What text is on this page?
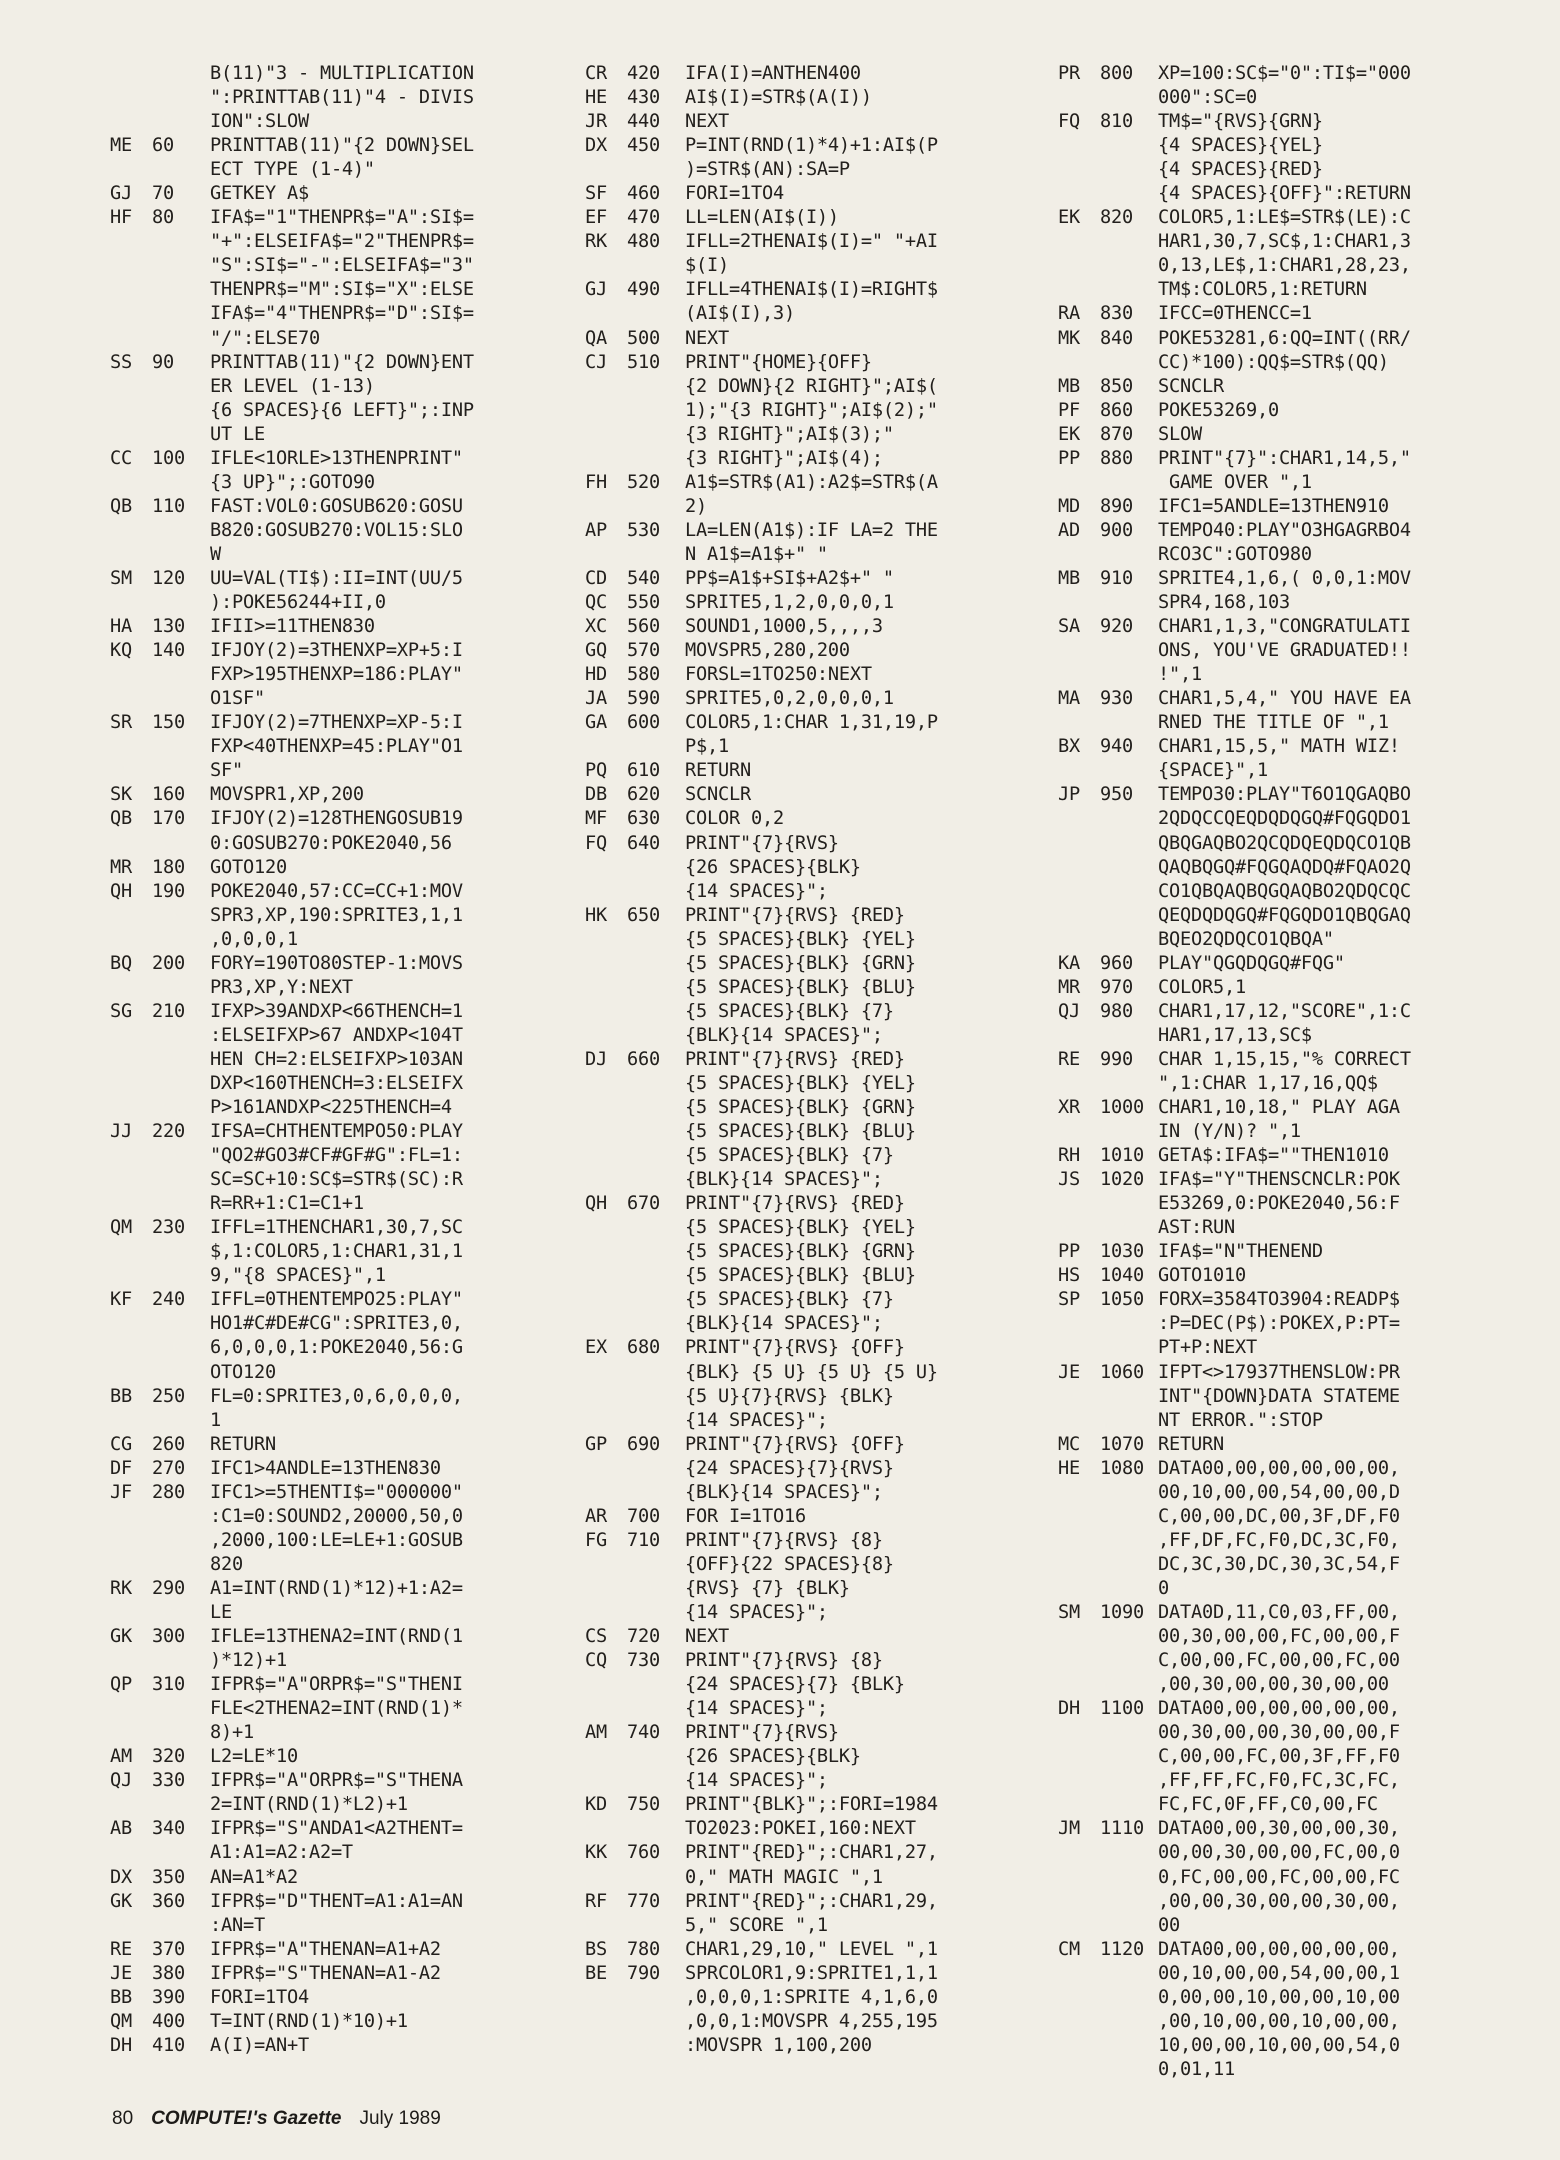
B(11)"3 - MULTIPLICATION
":PRINTTAB(11)"4 - DIVIS
ION":SLOW
ME	60	PRINTTAB(11)"{2 DOWN}SEL
ECT TYPE (1-4)"
GJ	70	GETKEY A$
HF	80	IFA$="1"THENPR$="A":SI$=
"+":ELSEIFA$="2"THENPR$=
"S":SI$="-":ELSEIFA$="3"
THENPR$="M":SI$="X":ELSE
IFA$="4"THENPR$="D":SI$=
"/":ELSE70
SS	90	PRINTTAB(11)"{2 DOWN}ENT
ER LEVEL (1-13)
{6 SPACES}{6 LEFT}";:INP
UT LE
CC	100	IFLE<1ORLE>13THENPRINT"
{3 UP}";:GOTO90
QB	110	FAST:VOL0:GOSUB620:GOSU
B820:GOSUB270:VOL15:SLO
W
SM	120	UU=VAL(TI$):II=INT(UU/5
):POKE56244+II,0
HA	130	IFII>=11THEN830
KQ	140	IFJOY(2)=3THENXP=XP+5:I
FXP>195THENXP=186:PLAY"
O1SF"
SR	150	IFJOY(2)=7THENXP=XP-5:I
FXP<40THENXP=45:PLAY"O1
SF"
SK	160	MOVSPR1,XP,200
QB	170	IFJOY(2)=128THENGOSUB19
0:GOSUB270:POKE2040,56
MR	180	GOTO120
QH	190	POKE2040,57:CC=CC+1:MOV
SPR3,XP,190:SPRITE3,1,1
,0,0,0,1
BQ	200	FORY=190TO80STEP-1:MOVS
PR3,XP,Y:NEXT
SG	210	IFXP>39ANDXP<66THENCH=1
:ELSEIFXP>67 ANDXP<104T
HEN CH=2:ELSEIFXP>103AN
DXP<160THENCH=3:ELSEIFX
P>161ANDXP<225THENCH=4
JJ	220	IFSA=CHTHENTEMPO50:PLAY
"QO2#GO3#CF#GF#G":FL=1:
SC=SC+10:SC$=STR$(SC):R
R=RR+1:C1=C1+1
QM	230	IFFL=1THENCHAR1,30,7,SC
$,1:COLOR5,1:CHAR1,31,1
9,"{8 SPACES}",1
KF	240	IFFL=0THENTEMPO25:PLAY"
HO1#C#DE#CG":SPRITE3,0,
6,0,0,0,1:POKE2040,56:G
OTO120
BB	250	FL=0:SPRITE3,0,6,0,0,0,
1
CG	260	RETURN
DF	270	IFC1>4ANDLE=13THEN830
JF	280	IFC1>=5THENTI$="000000"
:C1=0:SOUND2,20000,50,0
,2000,100:LE=LE+1:GOSUB
820
RK	290	A1=INT(RND(1)*12)+1:A2=
LE
GK	300	IFLE=13THENA2=INT(RND(1
)*12)+1
QP	310	IFPR$="A"ORPR$="S"THENI
FLE<2THENA2=INT(RND(1)*
8)+1
AM	320	L2=LE*10
QJ	330	IFPR$="A"ORPR$="S"THENA
2=INT(RND(1)*L2)+1
AB	340	IFPR$="S"ANDA1<A2THENT=
A1:A1=A2:A2=T
DX	350	AN=A1*A2
GK	360	IFPR$="D"THENT=A1:A1=AN
:AN=T
RE	370	IFPR$="A"THENAN=A1+A2
JE	380	IFPR$="S"THENAN=A1-A2
BB	390	FORI=1TO4
QM	400	T=INT(RND(1)*10)+1
DH	410	A(I)=AN+T
CR	420	IFA(I)=ANTHEN400
HE	430	AI$(I)=STR$(A(I))
JR	440	NEXT
DX	450	P=INT(RND(1)*4)+1:AI$(P
)=STR$(AN):SA=P
SF	460	FORI=1TO4
EF	470	LL=LEN(AI$(I))
RK	480	IFLL=2THENAI$(I)=" "+AI
$(I)
GJ	490	IFLL=4THENAI$(I)=RIGHT$
(AI$(I),3)
QA	500	NEXT
CJ	510	PRINT"{HOME}{OFF}
{2 DOWN}{2 RIGHT}";AI$(
1);"{3 RIGHT}";AI$(2);"
{3 RIGHT}";AI$(3);"
{3 RIGHT}";AI$(4);
FH	520	A1$=STR$(A1):A2$=STR$(A
2)
AP	530	LA=LEN(A1$):IF LA=2 THE
N A1$=A1$+" "
CD	540	PP$=A1$+SI$+A2$+" "
QC	550	SPRITE5,1,2,0,0,0,1
XC	560	SOUND1,1000,5,,,,3
GQ	570	MOVSPR5,280,200
HD	580	FORSL=1TO250:NEXT
JA	590	SPRITE5,0,2,0,0,0,1
GA	600	COLOR5,1:CHAR 1,31,19,P
P$,1
PQ	610	RETURN
DB	620	SCNCLR
MF	630	COLOR 0,2
FQ	640	PRINT"{7}{RVS}
{26 SPACES}{BLK}
{14 SPACES}";
HK	650	PRINT"{7}{RVS} {RED}
{5 SPACES}{BLK} {YEL}
{5 SPACES}{BLK} {GRN}
{5 SPACES}{BLK} {BLU}
{5 SPACES}{BLK} {7}
{BLK}{14 SPACES}";
DJ	660	PRINT"{7}{RVS} {RED}
{5 SPACES}{BLK} {YEL}
{5 SPACES}{BLK} {GRN}
{5 SPACES}{BLK} {BLU}
{5 SPACES}{BLK} {7}
{BLK}{14 SPACES}";
QH	670	PRINT"{7}{RVS} {RED}
{5 SPACES}{BLK} {YEL}
{5 SPACES}{BLK} {GRN}
{5 SPACES}{BLK} {BLU}
{5 SPACES}{BLK} {7}
{BLK}{14 SPACES}";
EX	680	PRINT"{7}{RVS} {OFF}
{BLK} {5 U} {5 U} {5 U}
{5 U}{7}{RVS} {BLK}
{14 SPACES}";
GP	690	PRINT"{7}{RVS} {OFF}
{24 SPACES}{7}{RVS}
{BLK}{14 SPACES}";
AR	700	FOR I=1TO16
FG	710	PRINT"{7}{RVS} {8}
{OFF}{22 SPACES}{8}
{RVS} {7} {BLK}
{14 SPACES}";
CS	720	NEXT
CQ	730	PRINT"{7}{RVS} {8}
{24 SPACES}{7} {BLK}
{14 SPACES}";
AM	740	PRINT"{7}{RVS}
{26 SPACES}{BLK}
{14 SPACES}";
KD	750	PRINT"{BLK}";:FORI=1984
TO2023:POKEI,160:NEXT
KK	760	PRINT"{RED}";:CHAR1,27,
0," MATH MAGIC ",1
RF	770	PRINT"{RED}";:CHAR1,29,
5," SCORE ",1
BS	780	CHAR1,29,10," LEVEL ",1
BE	790	SPRCOLOR1,9:SPRITE1,1,1
,0,0,0,1:SPRITE 4,1,6,0
,0,0,1:MOVSPR 4,255,195
:MOVSPR 1,100,200
PR	800	XP=100:SC$="0":TI$="000
000":SC=0
FQ	810	TM$="{RVS}{GRN}
{4 SPACES}{YEL}
{4 SPACES}{RED}
{4 SPACES}{OFF}":RETURN
EK	820	COLOR5,1:LE$=STR$(LE):C
HAR1,30,7,SC$,1:CHAR1,3
0,13,LE$,1:CHAR1,28,23,
TM$:COLOR5,1:RETURN
RA	830	IFCC=0THENCC=1
MK	840	POKE53281,6:QQ=INT((RR/
CC)*100):QQ$=STR$(QQ)
MB	850	SCNCLR
PF	860	POKE53269,0
EK	870	SLOW
PP	880	PRINT"{7}":CHAR1,14,5,"
GAME OVER ",1
MD	890	IFC1=5ANDLE=13THEN910
AD	900	TEMPO40:PLAY"O3HGAGRBO4
RCO3C":GOTO980
MB	910	SPRITE4,1,6,( 0,0,1:MOV
SPR4,168,103
SA	920	CHAR1,1,3,"CONGRATULATI
ONS, YOU'VE GRADUATED!!
!",1
MA	930	CHAR1,5,4," YOU HAVE EA
RNED THE TITLE OF ",1
BX	940	CHAR1,15,5," MATH WIZ!
{SPACE}",1
JP	950	TEMPO30:PLAY"T6O1QGAQBO
2QDQCCQEQDQDQGQ#FQGQDO1
QBQGAQBO2QCQDQEQDQCO1QB
QAQBQGQ#FQGQAQDQ#FQAO2Q
CO1QBQAQBQGQAQBO2QDQCQC
QEQDQDQGQ#FQGQDO1QBQGAQ
BQEO2QDQCO1QBQA"
KA	960	PLAY"QGQDQGQ#FQG"
MR	970	COLOR5,1
QJ	980	CHAR1,17,12,"SCORE",1:C
HAR1,17,13,SC$
RE	990	CHAR 1,15,15,"% CORRECT
",1:CHAR 1,17,16,QQ$
XR	1000 CHAR1,10,18," PLAY AGA
IN (Y/N)? ",1
RH	1010 GETA$:IFA$=""THEN1010
JS	1020 IFA$="Y"THENSCNCLR:POK
E53269,0:POKE2040,56:F
AST:RUN
PP	1030 IFA$="N"THENEND
HS	1040 GOTO1010
SP	1050 FORX=3584TO3904:READP$
:P=DEC(P$):POKEX,P:PT=
PT+P:NEXT
JE	1060 IFPT<>17937THENSLOW:PR
INT"{DOWN}DATA STATEME
NT ERROR.":STOP
MC	1070 RETURN
HE	1080 DATA00,00,00,00,00,00,
00,10,00,00,54,00,00,D
C,00,00,DC,00,3F,DF,F0
,FF,DF,FC,F0,DC,3C,F0,
DC,3C,30,DC,30,3C,54,F
0
SM	1090 DATA0D,11,C0,03,FF,00,
00,30,00,00,FC,00,00,F
C,00,00,FC,00,00,FC,00
,00,30,00,00,30,00,00
DH	1100 DATA00,00,00,00,00,00,
00,30,00,00,30,00,00,F
C,00,00,FC,00,3F,FF,F0
,FF,FF,FC,F0,FC,3C,FC,
FC,FC,0F,FF,C0,00,FC
JM	1110 DATA00,00,30,00,00,30,
00,00,30,00,00,FC,00,0
0,FC,00,00,FC,00,00,FC
,00,00,30,00,00,30,00,
00
CM	1120 DATA00,00,00,00,00,00,
00,10,00,00,54,00,00,1
0,00,00,10,00,00,10,00
,00,10,00,00,10,00,00,
10,00,00,10,00,00,54,0
0,01,11
80 COMPUTE!'s Gazette July 1989
